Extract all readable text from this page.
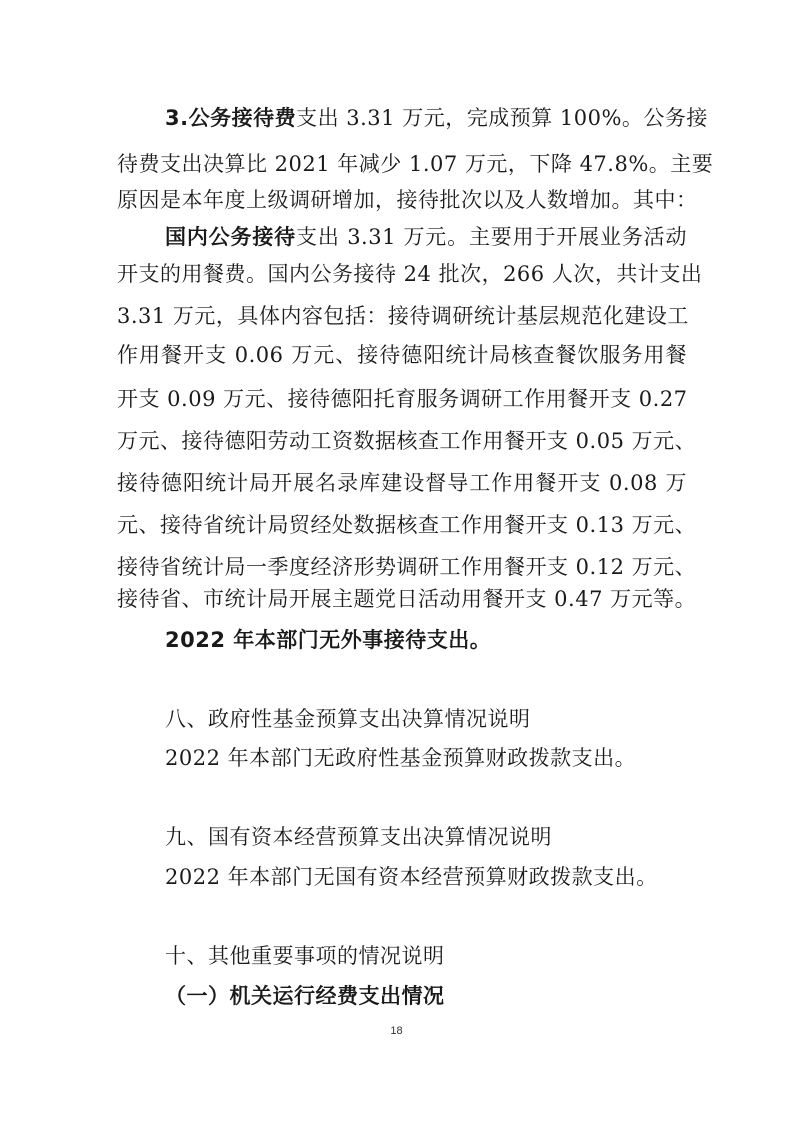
3.公务接待费支出 3.31 万元，完成预算 100%。公务接
待费支出决算比 2021 年减少 1.07 万元，下降 47.8%。主要
原因是本年度上级调研增加，接待批次以及人数增加。其中：
国内公务接待支出 3.31 万元。主要用于开展业务活动
开支的用餐费。国内公务接待 24 批次，266 人次，共计支出
3.31 万元，具体内容包括：接待调研统计基层规范化建设工
作用餐开支 0.06 万元、接待德阳统计局核查餐饮服务用餐
开支 0.09 万元、接待德阳托育服务调研工作用餐开支 0.27
万元、接待德阳劳动工资数据核查工作用餐开支 0.05 万元、
接待德阳统计局开展名录库建设督导工作用餐开支 0.08 万
元、接待省统计局贸经处数据核查工作用餐开支 0.13 万元、
接待省统计局一季度经济形势调研工作用餐开支 0.12 万元、
接待省、市统计局开展主题党日活动用餐开支 0.47 万元等。
2022 年本部门无外事接待支出。
八、政府性基金预算支出决算情况说明
2022 年本部门无政府性基金预算财政拨款支出。
九、国有资本经营预算支出决算情况说明
2022 年本部门无国有资本经营预算财政拨款支出。
十、其他重要事项的情况说明
（一）机关运行经费支出情况
18
